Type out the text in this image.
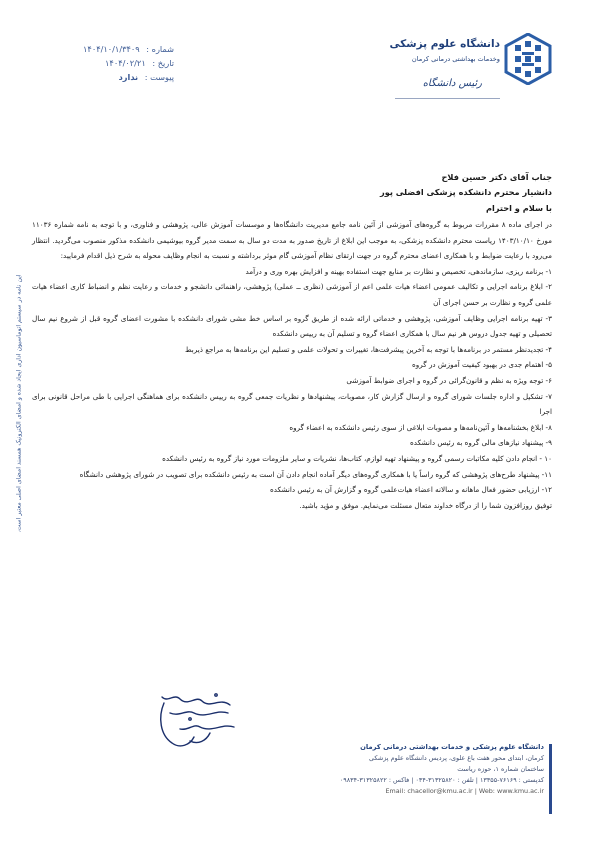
دانشگاه علوم پزشکی
وخدمات بهداشتی درمانی کرمان
رئیس دانشگاه
شماره : ۱۴۰۴/۱۰/۱/۳۴۰۹
تاریخ : ۱۴۰۴/۰۲/۲۱
پیوست : ندارد

جناب آقای دکتر حسین فلاح

دانشیار محترم دانشکده پزشکی افضلی پور

با سلام و احترام

در اجرای ماده ۸ مقررات مربوط به گروه‌های آموزشی از آئین نامه جامع مدیریت دانشگاه‌ها و موسسات آموزش عالی، پژوهشی و فناوری، و با توجه به نامه شماره ۱۱۰۳۶ مورخ ۱۴۰۳/۱۰/۱۰ ریاست محترم دانشکده پزشکی، به موجب این ابلاغ از تاریخ صدور به مدت دو سال به سمت مدیر گروه بیوشیمی دانشکده مذکور منصوب می‌گردید. انتظار می‌رود با رعایت ضوابط و با همکاری اعضای محترم گروه در جهت ارتقای نظام آموزشی گام موثر برداشته و نسبت به انجام وظایف محوله به شرح ذیل اقدام فرمایید:

۱- برنامه ریزی، سازماندهی، تخصیص و نظارت بر منابع جهت استفاده بهینه و افزایش بهره وری و درآمد

۲- ابلاغ برنامه اجرایی و تکالیف عمومی اعضاء هیات علمی اعم از آموزشی (نظری ــ عملی) پژوهشی، راهنمائی دانشجو و خدمات و رعایت نظم و انضباط کاری اعضاء هیات علمی گروه و نظارت بر حسن اجرای آن

۳- تهیه برنامه اجرایی وظایف آموزشی، پژوهشی و خدماتی ارائه شده از طریق گروه بر اساس خط مشی شورای دانشکده با مشورت اعضای گروه قبل از شروع نیم سال تحصیلی و تهیه جدول دروس هر نیم سال با همکاری اعضاء گروه و تسلیم آن به رییس دانشکده

۴- تجدیدنظر مستمر در برنامه‌ها با توجه به آخرین پیشرفت‌ها، تغییرات و تحولات علمی و تسلیم این برنامه‌ها به مراجع ذیربط

۵- اهتمام جدی در بهبود کیفیت آموزش در گروه

۶- توجه ویژه به نظم و قانون‌گرائی در گروه و اجرای ضوابط آموزشی

۷- تشکیل و اداره جلسات شورای گروه و ارسال گزارش کار، مصوبات، پیشنهادها و نظریات جمعی گروه به رییس دانشکده برای هماهنگی اجرایی با طی مراحل قانونی برای اجرا

۸- ابلاغ بخشنامه‌ها و آئین‌نامه‌ها و مصوبات ابلاغی از سوی رئیس دانشکده به اعضاء گروه

۹- پیشنهاد نیازهای مالی گروه به رئیس دانشکده

۱۰ - انجام دادن کلیه مکاتبات رسمی گروه و پیشنهاد تهیه لوازم، کتاب‌ها، نشریات و سایر ملزومات مورد نیاز گروه به رئیس دانشکده

۱۱- پیشنهاد طرح‌های پژوهشی که گروه راساً یا با همکاری گروه‌های دیگر آماده انجام دادن آن است به رئیس دانشکده برای تصویب در شورای پژوهشی دانشگاه

۱۲- ارزیابی حضور فعال ماهانه و سالانه اعضاء هیات‌علمی گروه و گزارش آن به رئیس دانشکده

توفیق روزافزون شما را از درگاه خداوند متعال مسئلت می‌نمایم. موفق و مؤید باشید.

دانشگاه علوم پزشکی و خدمات بهداشتی درمانی کرمان
کرمان، ابتدای محور هفت باغ علوی، پردیس دانشگاه علوم پزشکی
ساختمان شماره ۱، حوزه ریاست
کدپستی : ۷۶۱۶۹-۱۳۳۵۵ | تلفن : ۳۱۳۲۵۸۲۰-۰۳۴ | فاکس : ۳۱۳۲۵۸۲۲-۰۹۸۳۴
Email: chacellor@kmu.ac.ir | Web: www.kmu.ac.ir
این نامه در سیستم اتوماسیون اداری ایجاد شده و امضای الکترونیک همسند امضای اصلی معتبر است.
